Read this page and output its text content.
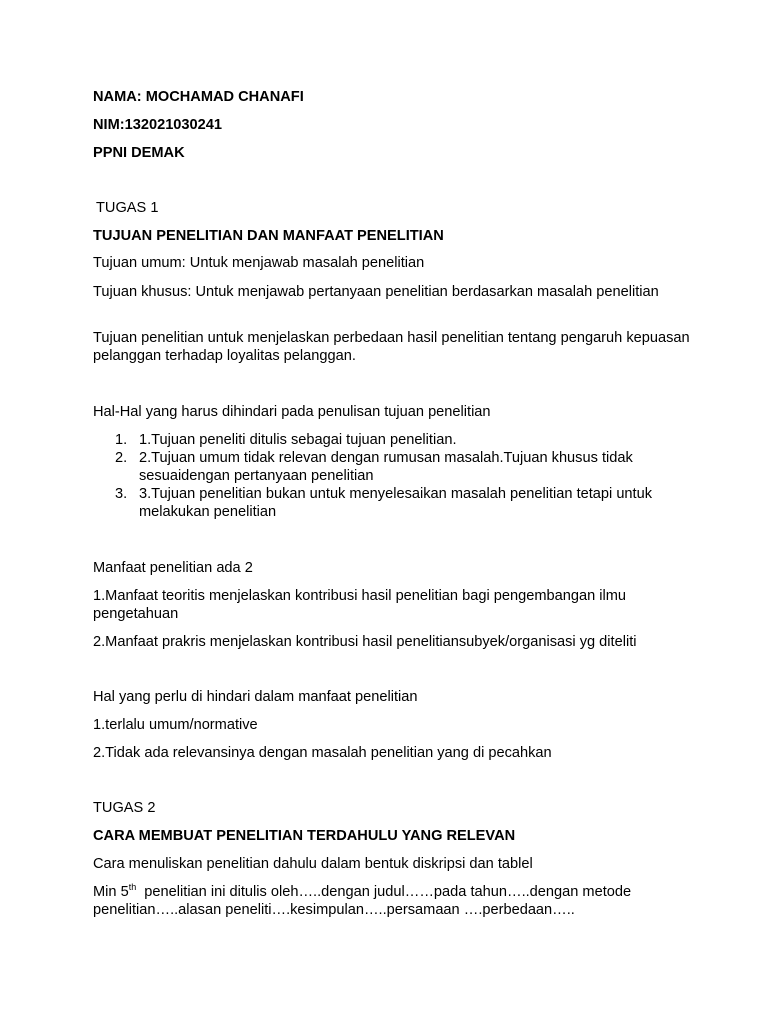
NAMA: MOCHAMAD CHANAFI
NIM:132021030241
PPNI DEMAK
TUGAS 1
TUJUAN PENELITIAN DAN MANFAAT PENELITIAN
Tujuan umum: Untuk menjawab masalah penelitian
Tujuan khusus: Untuk menjawab pertanyaan penelitian berdasarkan masalah penelitian
Tujuan penelitian untuk menjelaskan perbedaan hasil penelitian tentang pengaruh kepuasan pelanggan terhadap loyalitas pelanggan.
Hal-Hal yang harus dihindari pada penulisan tujuan penelitian
1. 1.Tujuan peneliti ditulis sebagai tujuan penelitian.
2. 2.Tujuan umum tidak relevan dengan rumusan masalah.Tujuan khusus tidak sesuaidengan pertanyaan penelitian
3. 3.Tujuan penelitian bukan untuk menyelesaikan masalah penelitian tetapi untuk melakukan penelitian
Manfaat penelitian ada 2
1.Manfaat teoritis menjelaskan kontribusi hasil penelitian bagi pengembangan ilmu pengetahuan
2.Manfaat prakris menjelaskan kontribusi hasil penelitiansubyek/organisasi yg diteliti
Hal yang perlu di hindari dalam manfaat penelitian
1.terlalu umum/normative
2.Tidak ada relevansinya dengan masalah penelitian yang di pecahkan
TUGAS 2
CARA MEMBUAT PENELITIAN TERDAHULU YANG RELEVAN
Cara menuliskan penelitian dahulu dalam bentuk diskripsi dan tablel
Min 5th  penelitian ini ditulis oleh…..dengan judul……pada tahun…..dengan metode penelitian…..alasan peneliti….kesimpulan…..persamaan ….perbedaan…..
